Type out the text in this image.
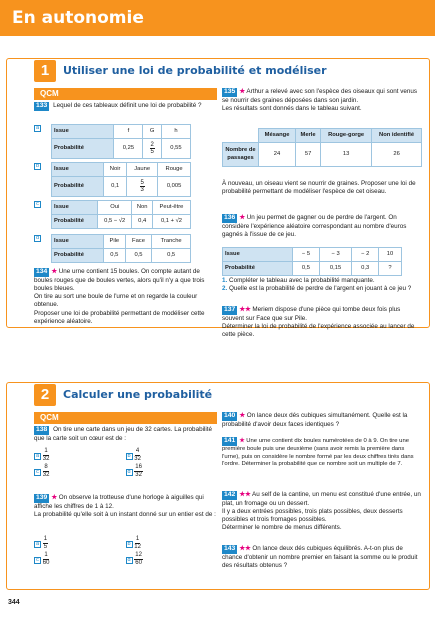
En autonomie
1	Utiliser une loi de probabilité et modéliser
QCM
133 Lequel de ces tableaux définit une loi de probabilité ?
a	Issue	f	G	h
Probabilité	0,25	$\frac{2}{5}$	0,55
b	Issue	Noir	Jaune	Rouge
Probabilité	0,1	$\frac{5}{3}$	0,005
c	Issue	Oui	Non	Peut-être
Probabilité	0,5 − √2	0,4	0,1 + √2
d	Issue	Pile	Face	Tranche
Probabilité	0,5	0,5	0,5

134 ★ Une urne contient 15 boules. On compte autant de boules rouges que de boules vertes, alors qu'il n'y a que trois boules bleues.

On tire au sort une boule de l'urne et on regarde la couleur obtenue.

Proposer une loi de probabilité permettant de modéliser cette expérience aléatoire.

135 ★ Arthur a relevé avec son l'espèce des oiseaux qui sont venus se nourrir des graines déposées dans son jardin.

Les résultats sont donnés dans le tableau suivant.

	Mésange	Merle	Rouge-gorge	Non identifié
Nombre de passages	24	57	13	26
À nouveau, un oiseau vient se nourrir de graines. Proposer une loi de probabilité permettant de modéliser l'espèce de cet oiseau.
136 ★ Un jeu permet de gagner ou de perdre de l'argent. On considère l'expérience aléatoire correspondant au nombre d'euros gagnés à l'issue de ce jeu.
Issue	− 5	− 3	− 2	10
Probabilité	0,5	0,15	0,3	?

1. Compléter le tableau avec la probabilité manquante.

2. Quelle est la probabilité de perdre de l'argent en jouant à ce jeu ?

137 ★★ Meriem dispose d'une pièce qui tombe deux fois plus souvent sur Face que sur Pile.

Déterminer la loi de probabilité de l'expérience associée au lancer de cette pièce.

2	Calculer une probabilité
QCM
138 On tire une carte dans un jeu de 32 cartes. La probabilité que la carte soit un cœur est de :
a $\frac{1}{32}$	b $\frac{4}{32}$
c $\frac{8}{32}$	d $\frac{16}{32}$

139 ★ On observe la trotteuse d'une horloge à aiguilles qui affiche les chiffres de 1 à 12.

La probabilité qu'elle soit à un instant donné sur un entier est de :

a $\frac{1}{5}$	b $\frac{1}{12}$
c $\frac{1}{60}$	d $\frac{12}{60}$
140 ★ On lance deux dés cubiques simultanément. Quelle est la probabilité d'avoir deux faces identiques ?
141 ★ Une urne contient dix boules numérotées de 0 à 9. On tire une première boule puis une deuxième (sans avoir remis la première dans l'urne), puis on considère le nombre formé par les deux chiffres tirés dans l'ordre. Déterminer la probabilité que ce nombre soit un multiple de 7.

142 ★★ Au self de la cantine, un menu est constitué d'une entrée, un plat, un fromage ou un dessert.

Il y a deux entrées possibles, trois plats possibles, deux desserts possibles et trois fromages possibles.

Déterminer le nombre de menus différents.

143 ★★ On lance deux dés cubiques équilibrés. A-t-on plus de chance d'obtenir un nombre premier en faisant la somme ou le produit des résultats obtenus ?
344
